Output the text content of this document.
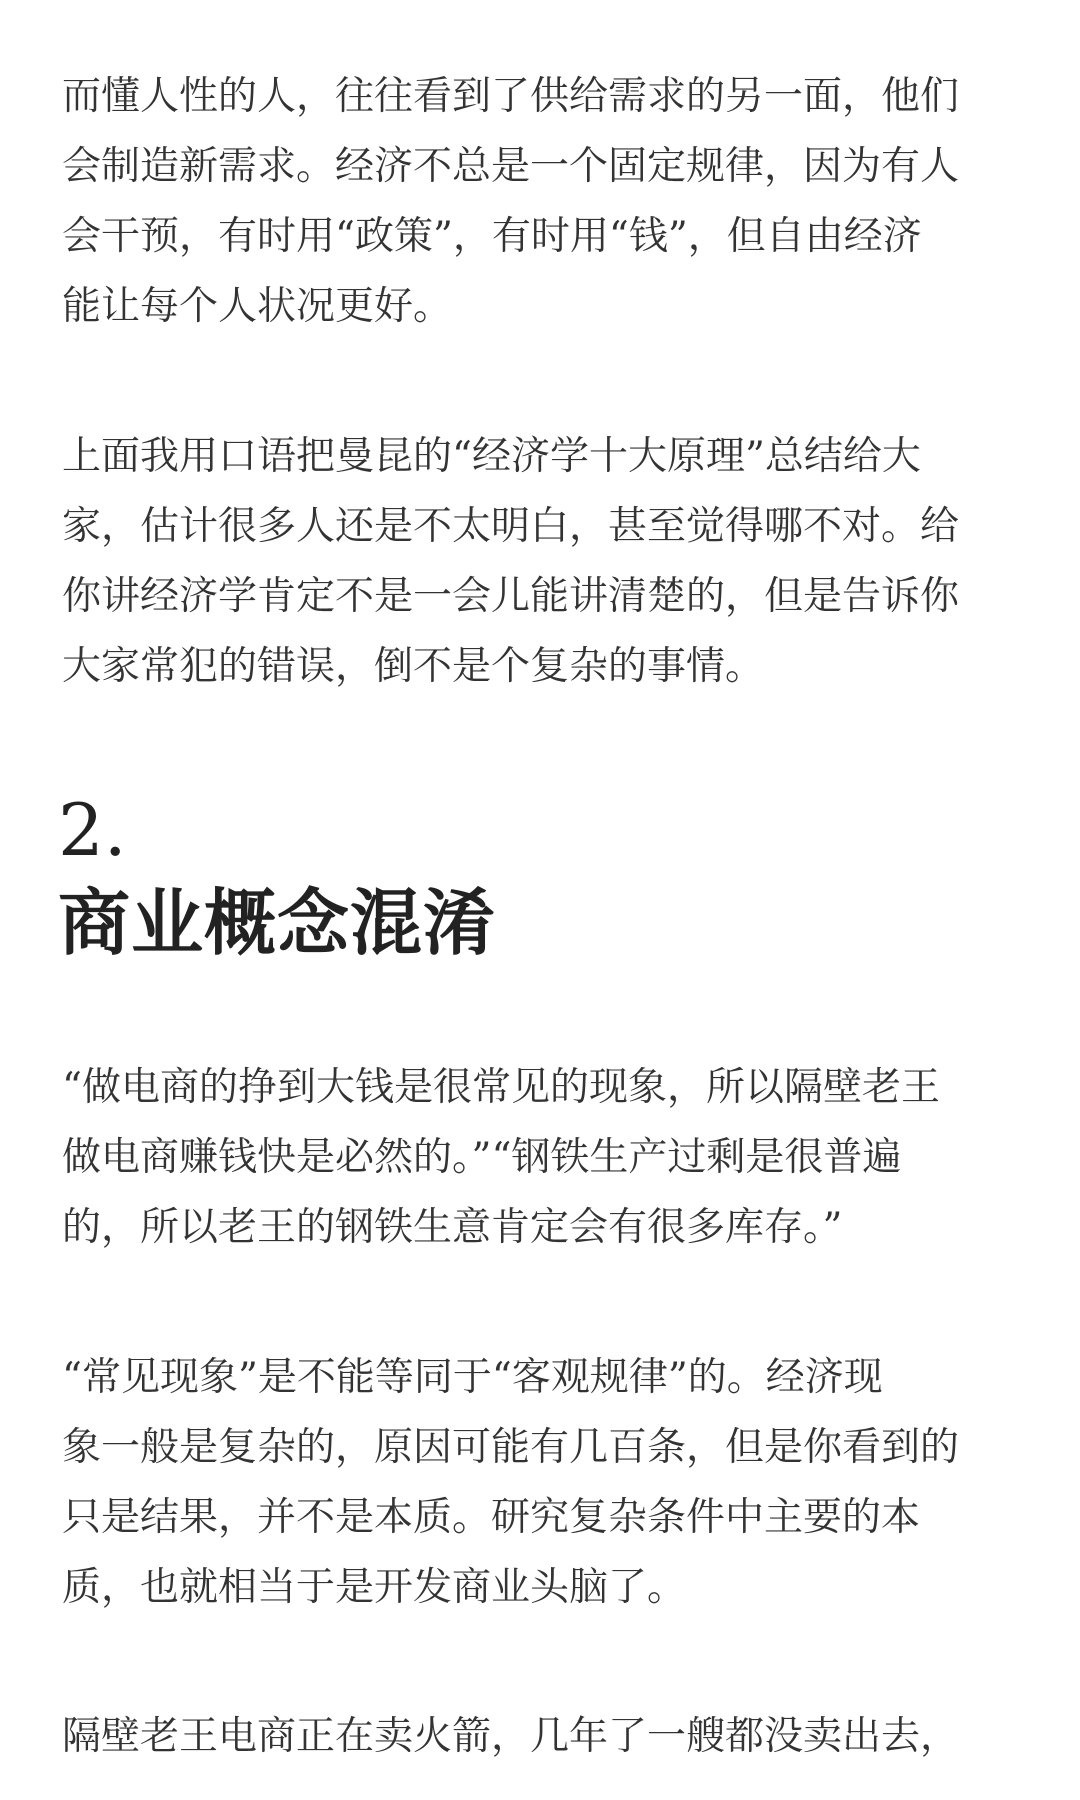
而懂人性的人，往往看到了供给需求的另一面，他们
会制造新需求。经济不总是一个固定规律，因为有人
会干预，有时用“政策”，有时用“钱”，但自由经济
能让每个人状况更好。

上面我用口语把曼昆的“经济学十大原理”总结给大
家，估计很多人还是不太明白，甚至觉得哪不对。给
你讲经济学肯定不是一会儿能讲清楚的，但是告诉你
大家常犯的错误，倒不是个复杂的事情。

2.
商业概念混淆

“做电商的挣到大钱是很常见的现象，所以隔壁老王
做电商赚钱快是必然的。”“钢铁生产过剩是很普遍
的，所以老王的钢铁生意肯定会有很多库存。”

“常见现象”是不能等同于“客观规律”的。经济现
象一般是复杂的，原因可能有几百条，但是你看到的
只是结果，并不是本质。研究复杂条件中主要的本
质，也就相当于是开发商业头脑了。

隔壁老王电商正在卖火箭，几年了一艘都没卖出去，
